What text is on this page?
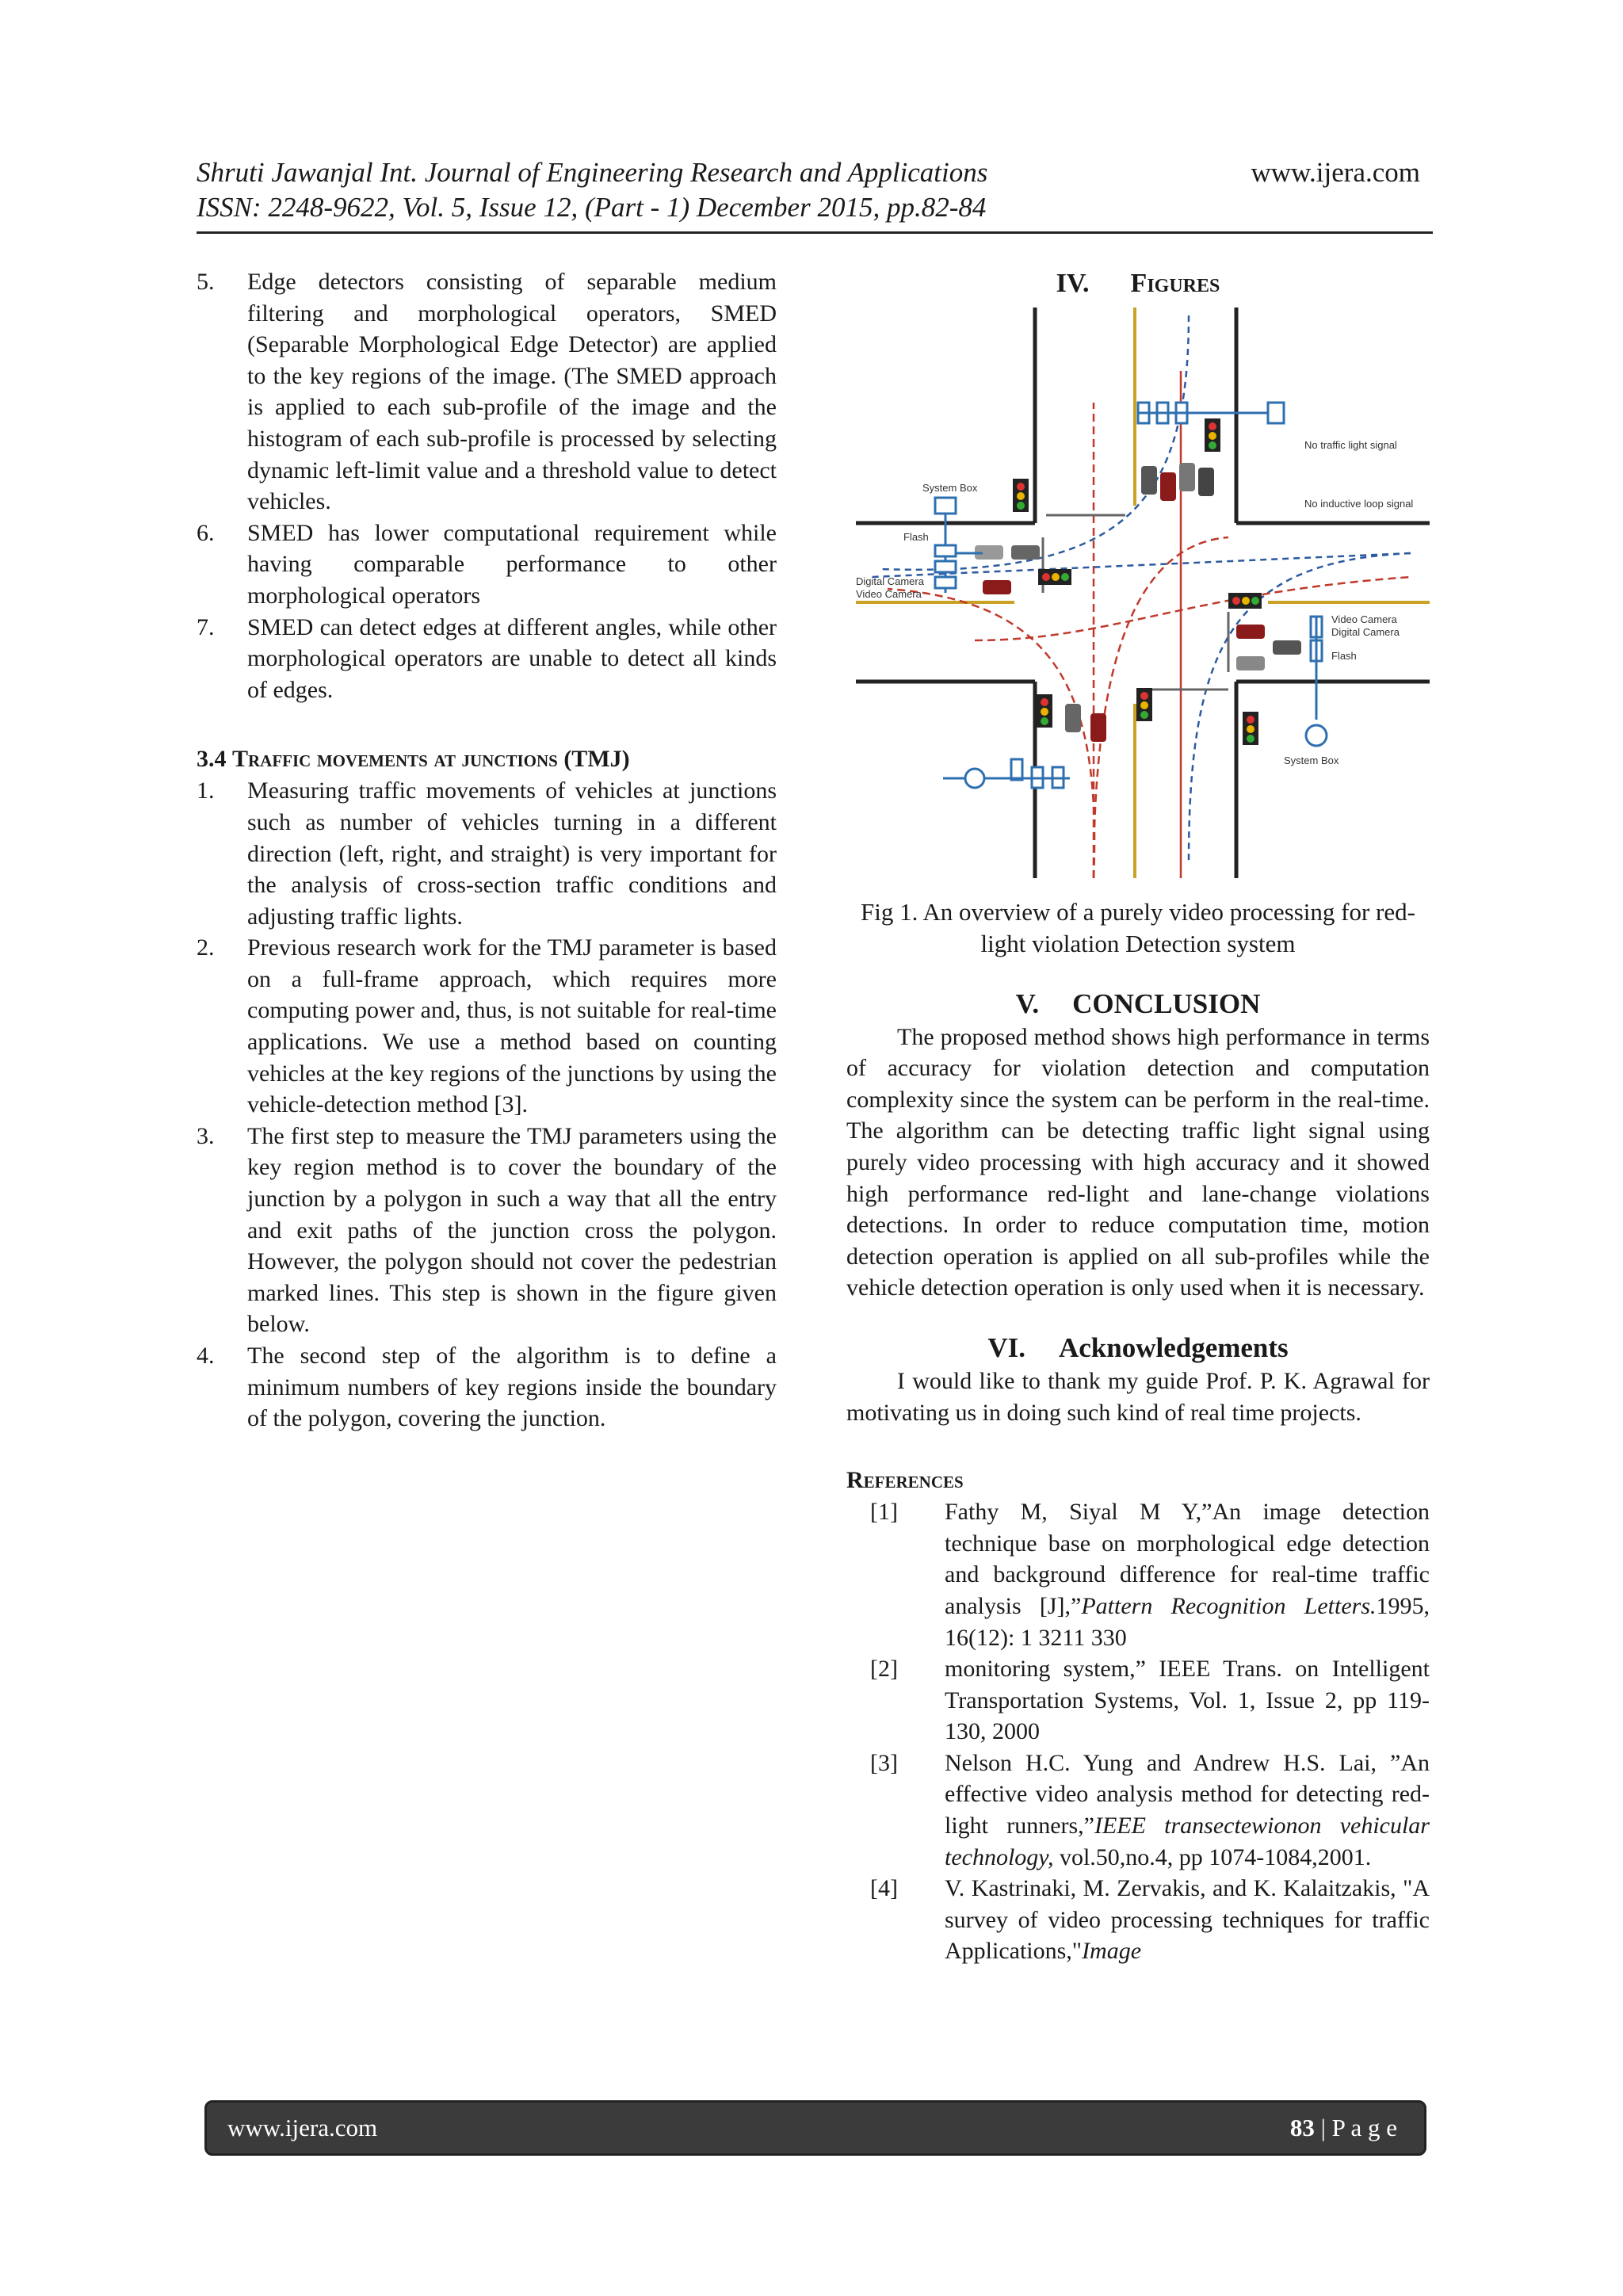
Shruti Jawanjal Int. Journal of Engineering Research and Applications
ISSN: 2248-9622, Vol. 5, Issue 12, (Part - 1) December 2015, pp.82-84
www.ijera.com
5. Edge detectors consisting of separable medium filtering and morphological operators, SMED (Separable Morphological Edge Detector) are applied to the key regions of the image. (The SMED approach is applied to each sub-profile of the image and the histogram of each sub-profile is processed by selecting dynamic left-limit value and a threshold value to detect vehicles.
6. SMED has lower computational requirement while having comparable performance to other morphological operators
7. SMED can detect edges at different angles, while other morphological operators are unable to detect all kinds of edges.
3.4 Traffic movements at junctions (TMJ)
1. Measuring traffic movements of vehicles at junctions such as number of vehicles turning in a different direction (left, right, and straight) is very important for the analysis of cross-section traffic conditions and adjusting traffic lights.
2. Previous research work for the TMJ parameter is based on a full-frame approach, which requires more computing power and, thus, is not suitable for real-time applications. We use a method based on counting vehicles at the key regions of the junctions by using the vehicle-detection method [3].
3. The first step to measure the TMJ parameters using the key region method is to cover the boundary of the junction by a polygon in such a way that all the entry and exit paths of the junction cross the polygon. However, the polygon should not cover the pedestrian marked lines. This step is shown in the figure given below.
4. The second step of the algorithm is to define a minimum numbers of key regions inside the boundary of the polygon, covering the junction.
IV. Figures
System Box
Flash
Digital Camera
Video Camera
No traffic light signal
No inductive loop signal
Video Camera
Digital Camera
Flash
System Box
Fig 1. An overview of a purely video processing for red-light violation Detection system
V. CONCLUSION
The proposed method shows high performance in terms of accuracy for violation detection and computation complexity since the system can be perform in the real-time. The algorithm can be detecting traffic light signal using purely video processing with high accuracy and it showed high performance red-light and lane-change violations detections. In order to reduce computation time, motion detection operation is applied on all sub-profiles while the vehicle detection operation is only used when it is necessary.
VI. Acknowledgements
I would like to thank my guide Prof. P. K. Agrawal for motivating us in doing such kind of real time projects.
References
[1] Fathy M, Siyal M Y,”An image detection technique base on morphological edge detection and background difference for real-time traffic analysis [J],”Pattern Recognition Letters.1995, 16(12): 1 3211 330
[2] monitoring system,” IEEE Trans. on Intelligent Transportation Systems, Vol. 1, Issue 2, pp 119-130, 2000
[3] Nelson H.C. Yung and Andrew H.S. Lai, ”An effective video analysis method for detecting red-light runners,”IEEE transectewionon vehicular technology, vol.50,no.4, pp 1074-1084,2001.
[4] V. Kastrinaki, M. Zervakis, and K. Kalaitzakis, "A survey of video processing techniques for traffic Applications,"Image
www.ijera.com	83 | P a g e
